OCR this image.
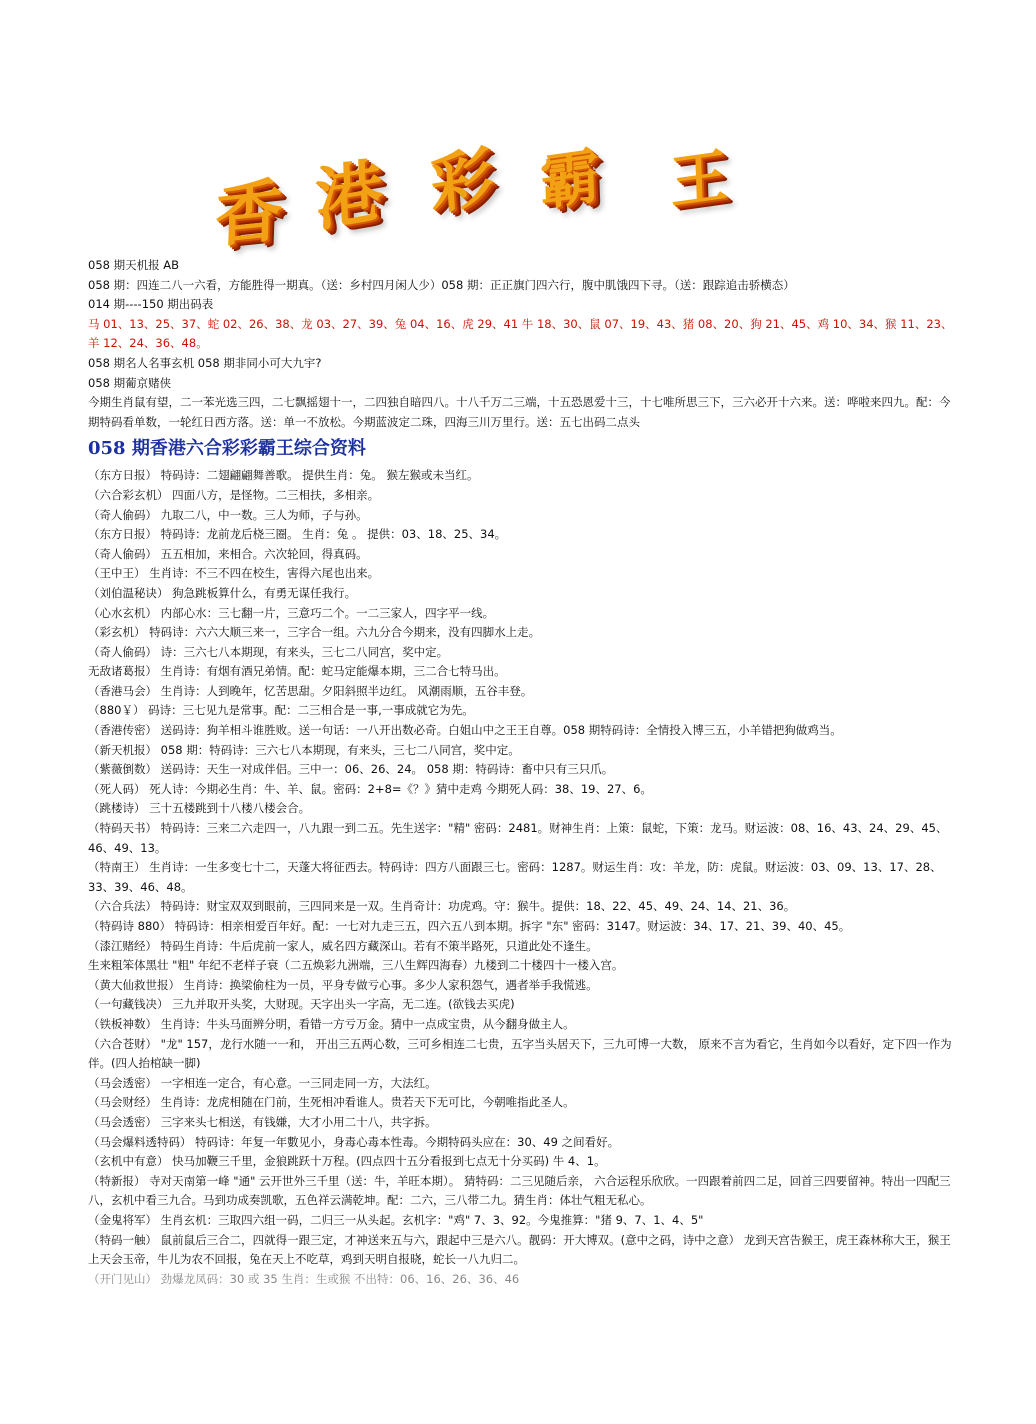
香 港 彩 霸 王
058 期天机报 AB
058 期：四连二八一六看，方能胜得一期真。（送：乡村四月闲人少）058 期：正正旗门四六行，腹中肌饿四下寻。（送：跟踪追击骄横态）
014 期----150 期出码表
马 01、13、25、37、蛇 02、26、38、龙 03、27、39、兔 04、16、虎 29、41 牛 18、30、鼠 07、19、43、猪 08、20、狗 21、45、鸡 10、34、猴 11、23、羊 12、24、36、48。
058 期名人名事玄机 058 期非同小可大九宇?
058 期葡京赌侠
今期生肖鼠有望，二一苯光选三四，二七飘摇翅十一，二四独自暗四八。十八千万二三端，十五恐恩爱十三，十七唯所思三下，三六必开十六来。送：哗啦来四九。配：今期特码看单数，一轮红日西方落。送：单一不放松。今期蓝波定二珠，四海三川万里行。送：五七出码二点头
058 期香港六合彩彩霸王综合资料
（东方日报） 特码诗：二翅翩翩舞善歌。 提供生肖：兔。 猴左猴或未当红。
（六合彩玄机） 四面八方，是怪物。二三相扶，多相亲。
（奇人偷码） 九取二八，中一数。三人为师，子与孙。
（东方日报） 特码诗：龙前龙后桡三圈。 生肖：兔 。 提供：03、18、25、34。
（奇人偷码） 五五相加，来相合。六次轮回，得真码。
（王中王） 生肖诗：不三不四在校生，害得六尾也出来。
（刘伯温秘诀） 狗急跳板算什么，有勇无谋任我行。
（心水玄机） 内部心水：三七翻一片，三意巧二个。一二三家人，四字平一线。
（彩玄机） 特码诗：六六大顺三来一，三字合一组。六九分合今期来，没有四脚水上走。
（奇人偷码） 诗：三六七八本期现，有来头，三七二八同宫，奖中定。
无敌诸葛报） 生肖诗：有烟有酒兄弟情。配：蛇马定能爆本期，三二合七特马出。
（香港马会） 生肖诗：人到晚年，忆苦思甜。夕阳斜照半边红。 风潮雨顺，五谷丰登。
（880￥） 码诗：三七见九是常事。配：二三相合是一事,一事成就它为先。
（香港传密） 送码诗：狗羊相斗谁胜败。送一句话：一八开出数必奇。白姐山中之王王自尊。058 期特码诗：全情投入博三五，小羊错把狗做鸡当。
（新天机报） 058 期：特码诗：三六七八本期现，有来头，三七二八同宫，奖中定。
（紫薇倒数） 送码诗：天生一对成伴侣。三中一：06、26、24。 058 期：特码诗：畜中只有三只爪。
（死人码） 死人诗：今期必生肖：牛、羊、鼠。密码：2+8=《？》猜中走鸡 今期死人码：38、19、27、6。
（跳楼诗） 三十五楼跳到十八楼八楼会合。
（特码天书） 特码诗：三来二六走四一，八九跟一到二五。先生送字："精" 密码：2481。财神生肖：上策：鼠蛇，下策：龙马。财运波：08、16、43、24、29、45、46、49、13。
（特南王） 生肖诗：一生多变七十二，天蓬大将征西去。特码诗：四方八面跟三七。密码：1287。财运生肖：攻：羊龙，防：虎鼠。财运波：03、09、13、17、28、33、39、46、48。
（六合兵法） 特码诗：财宝双双到眼前，三四同来是一双。生肖奇计：功虎鸡。守：猴牛。提供：18、22、45、49、24、14、21、36。
（特码诗 880） 特码诗：相亲相爱百年好。配：一七对九走三五，四六五八到本期。拆字 "东" 密码：3147。财运波：34、17、21、39、40、45。
（漆江赌经） 特码生肖诗：牛后虎前一家人，威名四方藏深山。若有不策半路死，只道此处不逢生。
生来粗笨体黑壮 "粗" 年纪不老样子衰（二五焕彩九洲端，三八生辉四海春）九楼到二十楼四十一楼入宫。
（黄大仙救世报） 生肖诗：换梁偷柱为一员，平身专做亏心事。多少人家积怨气，遇者举手我慌逃。
（一句藏钱决） 三九并取开头奖，大财现。天字出头一字高，无二连。(欲钱去买虎)
（铁板神数） 生肖诗：牛头马面辨分明，看错一方亏万金。猜中一点成宝贵，从今翻身做主人。
（六合苍财） "龙" 157，龙行水随一一和， 开出三五两心数，三可乡相连二七贵，五字当头居天下，三九可博一大数， 原来不言为看它，生肖如今以看好，定下四一作为伴。(四人抬棺缺一脚)
（马会透密） 一字相连一定合，有心意。一三同走同一方，大法红。
（马会财经） 生肖诗：龙虎相随在门前，生死相冲看谁人。贵若天下无可比，今朝唯指此圣人。
（马会透密） 三字来头七相送，有钱嫌，大才小用二十八，共字拆。
（马会爆料透特码） 特码诗：年复一年數见小，身毒心毒本性毒。今期特码头应在：30、49 之间看好。
（玄机中有意） 快马加鞭三千里，金狼跳跃十万程。(四点四十五分看报到七点无十分买码) 牛 4、1。
（特新报） 寺对天南第一峰 "通" 云开世外三千里（送：牛，羊旺本期）。 猜特码：二三见随后亲， 六合运程乐欣欣。一四跟着前四二足，回首三四要留神。特出一四配三八，玄机中看三九合。马到功成奏凯歌，五色祥云满乾坤。配：二六，三八带二九。猜生肖：体壮气粗无私心。
（金鬼将军） 生肖玄机：三取四六组一码，二归三一从头起。玄机字："鸡" 7、3、92。今鬼推算："猪 9、7、1、4、5"
（特码一触） 鼠前鼠后三合二，四就得一跟三定，才神送来五与六，跟起中三是六八。靓码：开大博双。(意中之码，诗中之意） 龙到天宫告猴王，虎王森林称大王，猴王上天会玉帝，牛儿为农不回报，兔在天上不吃草，鸡到天明自报晓，蛇长一八九归二。
（开门见山） 劲爆龙凤码：30 或 35 生肖：生或猴 不出特：06、16、26、36、46
